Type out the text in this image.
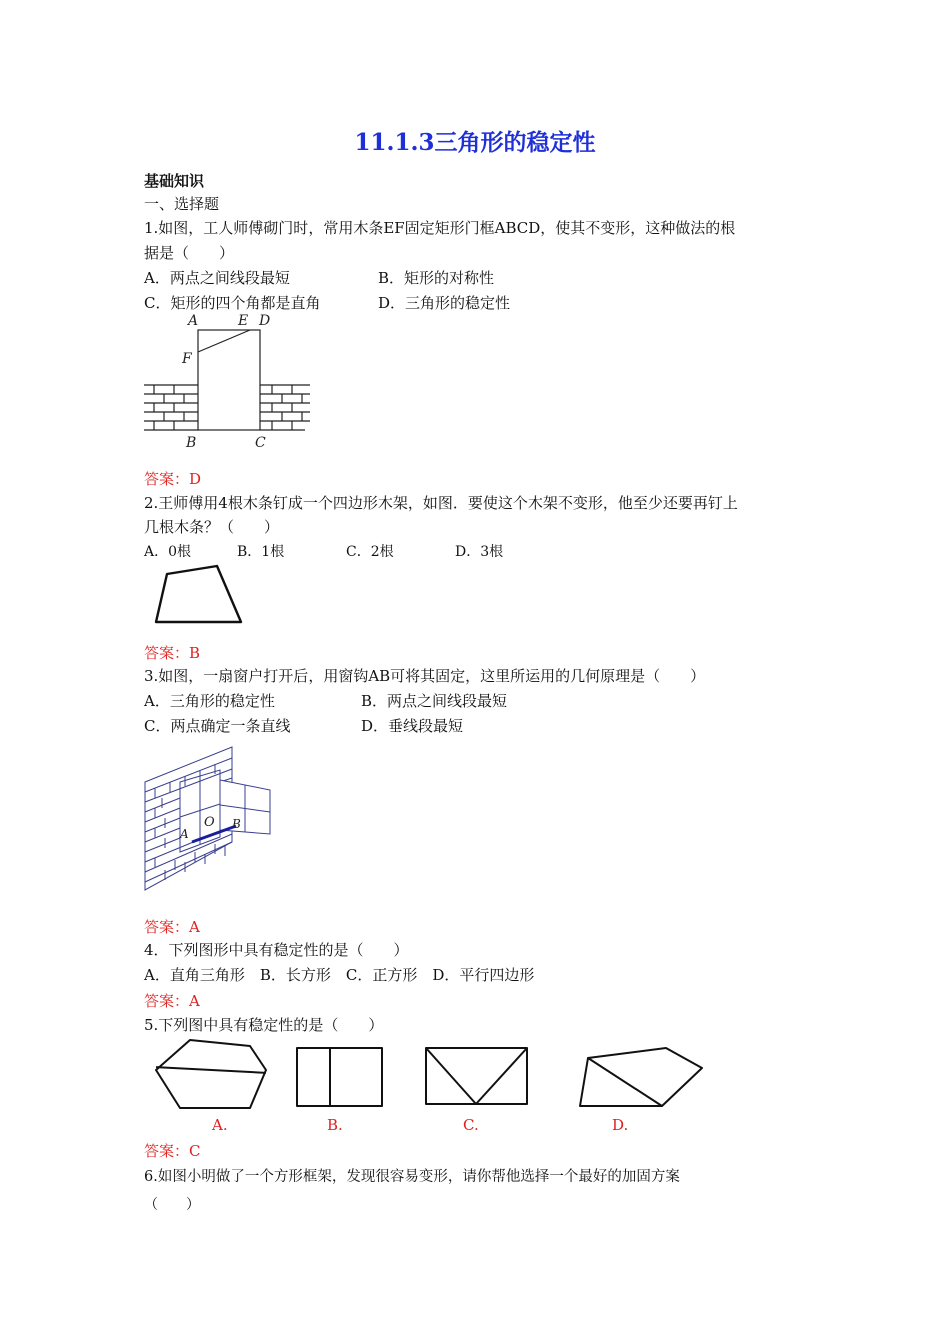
11.1.3三角形的稳定性
基础知识
一、选择题
1.如图，工人师傅砌门时，常用木条EF固定矩形门框ABCD，使其不变形，这种做法的根
据是（　　）
A．两点之间线段最短	B．矩形的对称性
C．矩形的四个角都是直角	D．三角形的稳定性
A	E D
F
B	C
答案：D
2.王师傅用4根木条钉成一个四边形木架，如图．要使这个木架不变形，他至少还要再钉上
几根木条？（　　）
A．0根	B．1根	C．2根	D．3根
答案：B
3.如图，一扇窗户打开后，用窗钩AB可将其固定，这里所运用的几何原理是（　　）
A．三角形的稳定性	B．两点之间线段最短
C．两点确定一条直线	D．垂线段最短
A
O B
答案：A
4．下列图形中具有稳定性的是（　　）
A．直角三角形　B．长方形　C．正方形　D．平行四边形
答案：A
5.下列图中具有稳定性的是（　　）
A.	B.	C.	D.
答案：C
6.如图小明做了一个方形框架，发现很容易变形，请你帮他选择一个最好的加固方案
（　　）
